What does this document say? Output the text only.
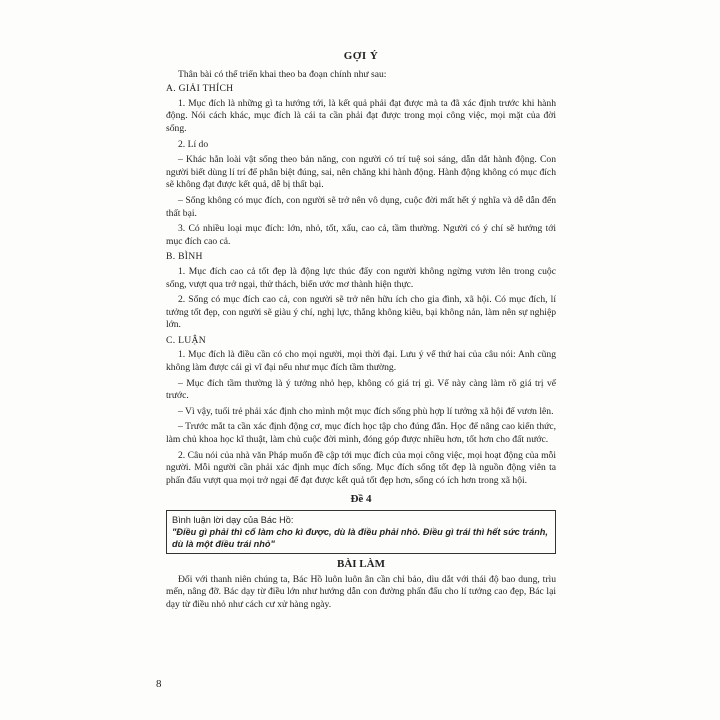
GỢI Ý
Thân bài có thể triển khai theo ba đoạn chính như sau:
A. GIẢI THÍCH

1. Mục đích là những gì ta hướng tới, là kết quả phải đạt được mà ta đã xác định trước khi hành động. Nói cách khác, mục đích là cái ta cần phải đạt được trong mọi công việc, mọi mặt của đời sống.

2. Lí do

– Khác hẳn loài vật sống theo bản năng, con người có trí tuệ soi sáng, dẫn dắt hành động. Con người biết dùng lí trí để phân biệt đúng, sai, nên chăng khi hành động. Hành động không có mục đích sẽ không đạt được kết quả, dễ bị thất bại.

– Sống không có mục đích, con người sẽ trở nên vô dụng, cuộc đời mất hết ý nghĩa và dễ dẫn đến thất bại.

3. Có nhiều loại mục đích: lớn, nhỏ, tốt, xấu, cao cả, tầm thường. Người có ý chí sẽ hướng tới mục đích cao cả.

B. BÌNH

1. Mục đích cao cả tốt đẹp là động lực thúc đẩy con người không ngừng vươn lên trong cuộc sống, vượt qua trở ngại, thử thách, biến ước mơ thành hiện thực.

2. Sống có mục đích cao cả, con người sẽ trở nên hữu ích cho gia đình, xã hội. Có mục đích, lí tưởng tốt đẹp, con người sẽ giàu ý chí, nghị lực, thắng không kiêu, bại không nản, làm nên sự nghiệp lớn.

C. LUẬN

1. Mục đích là điều cần có cho mọi người, mọi thời đại. Lưu ý vế thứ hai của câu nói: Anh cũng không làm được cái gì vĩ đại nếu như mục đích tầm thường.

– Mục đích tầm thường là ý tưởng nhỏ hẹp, không có giá trị gì. Vế này càng làm rõ giá trị vế trước.

– Vì vậy, tuổi trẻ phải xác định cho mình một mục đích sống phù hợp lí tưởng xã hội để vươn lên.

– Trước mắt ta cần xác định động cơ, mục đích học tập cho đúng đắn. Học để nâng cao kiến thức, làm chủ khoa học kĩ thuật, làm chủ cuộc đời mình, đóng góp được nhiều hơn, tốt hơn cho đất nước.

2. Câu nói của nhà văn Pháp muốn đề cập tới mục đích của mọi công việc, mọi hoạt động của mỗi người. Mỗi người cần phải xác định mục đích sống. Mục đích sống tốt đẹp là nguồn động viên ta phấn đấu vượt qua mọi trở ngại để đạt được kết quả tốt đẹp hơn, sống có ích hơn trong xã hội.

Đề 4
Bình luận lời dạy của Bác Hồ:
"Điều gì phải thì cố làm cho kì được, dù là điều phải nhỏ. Điều gì trái thì hết sức tránh, dù là một điều trái nhỏ"
BÀI LÀM

Đối với thanh niên chúng ta, Bác Hồ luôn luôn ân cần chỉ bảo, dìu dắt với thái độ bao dung, trìu mến, nâng đỡ. Bác dạy từ điều lớn như hướng dẫn con đường phấn đấu cho lí tưởng cao đẹp, Bác lại dạy từ điều nhỏ như cách cư xử hàng ngày.

8
